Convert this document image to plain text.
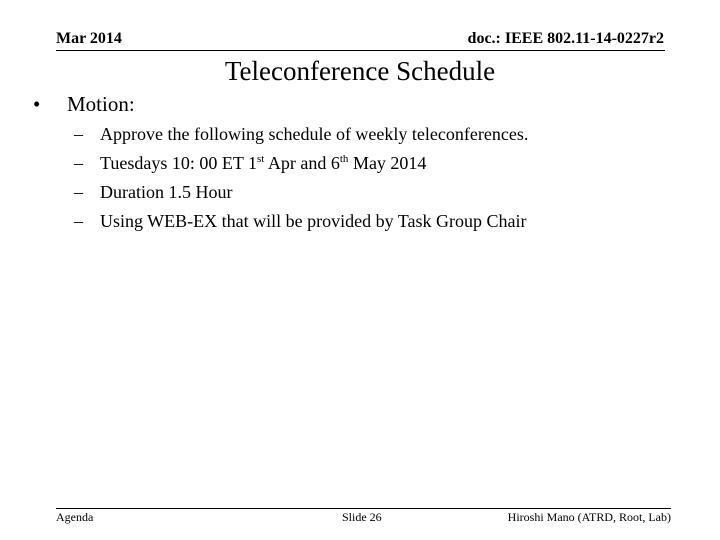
Mar 2014	doc.: IEEE 802.11-14-0227r2
Teleconference Schedule
• Motion:
– Approve the following schedule of weekly teleconferences.
– Tuesdays 10: 00 ET 1st Apr and 6th May 2014
– Duration 1.5 Hour
– Using WEB-EX that will be provided by Task Group Chair
Agenda	Slide 26	Hiroshi Mano (ATRD, Root, Lab)
